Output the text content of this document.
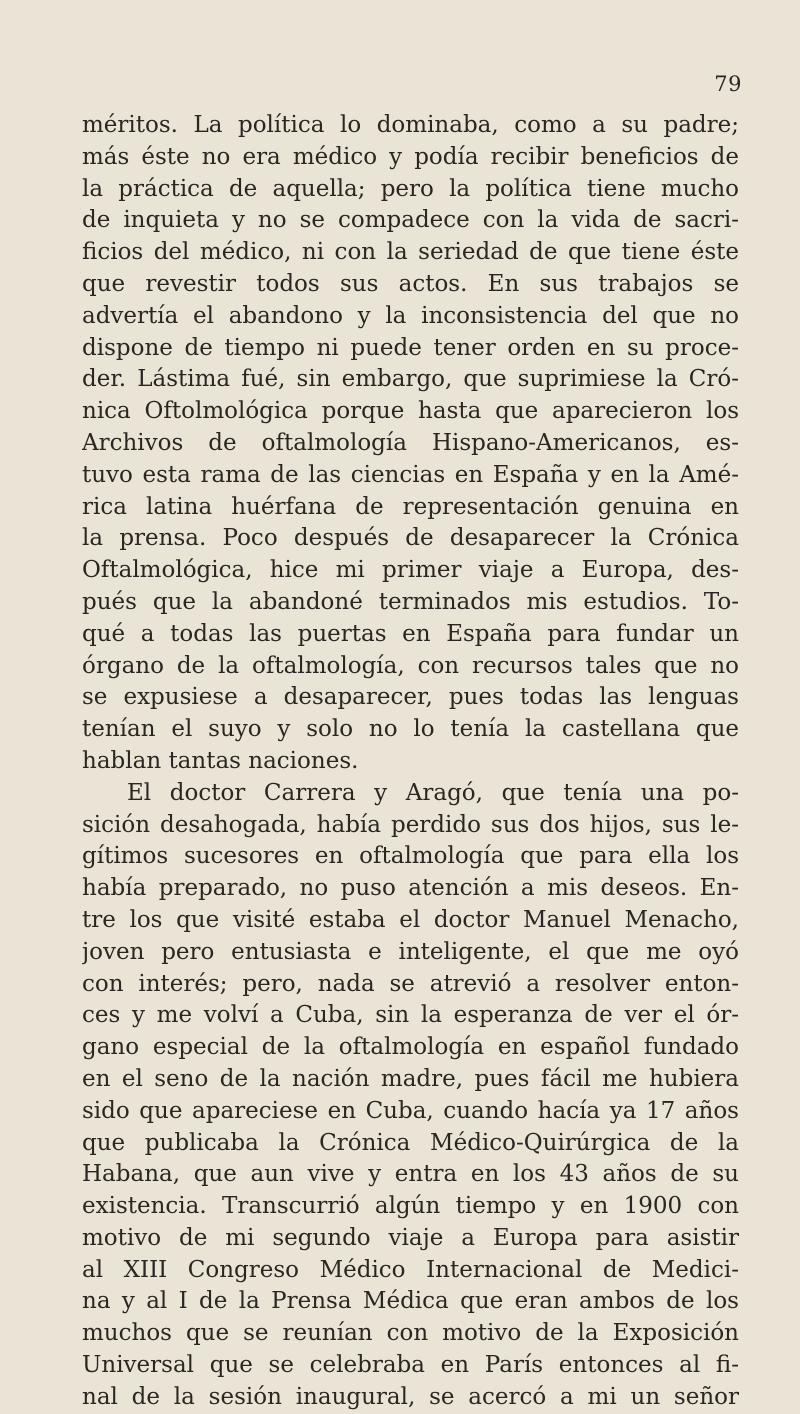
79
méritos. La política lo dominaba, como a su padre;
más éste no era médico y podía recibir beneficios de
la práctica de aquella; pero la política tiene mucho
de inquieta y no se compadece con la vida de sacri-
ficios del médico, ni con la seriedad de que tiene éste
que revestir todos sus actos. En sus trabajos se
advertía el abandono y la inconsistencia del que no
dispone de tiempo ni puede tener orden en su proce-
der. Lástima fué, sin embargo, que suprimiese la Cró-
nica Oftolmológica porque hasta que aparecieron los
Archivos de oftalmología Hispano-Americanos, es-
tuvo esta rama de las ciencias en España y en la Amé-
rica latina huérfana de representación genuina en
la prensa. Poco después de desaparecer la Crónica
Oftalmológica, hice mi primer viaje a Europa, des-
pués que la abandoné terminados mis estudios. To-
qué a todas las puertas en España para fundar un
órgano de la oftalmología, con recursos tales que no
se expusiese a desaparecer, pues todas las lenguas
tenían el suyo y solo no lo tenía la castellana que
hablan tantas naciones.
El doctor Carrera y Aragó, que tenía una po-
sición desahogada, había perdido sus dos hijos, sus le-
gítimos sucesores en oftalmología que para ella los
había preparado, no puso atención a mis deseos. En-
tre los que visité estaba el doctor Manuel Menacho,
joven pero entusiasta e inteligente, el que me oyó
con interés; pero, nada se atrevió a resolver enton-
ces y me volví a Cuba, sin la esperanza de ver el ór-
gano especial de la oftalmología en español fundado
en el seno de la nación madre, pues fácil me hubiera
sido que apareciese en Cuba, cuando hacía ya 17 años
que publicaba la Crónica Médico-Quirúrgica de la
Habana, que aun vive y entra en los 43 años de su
existencia. Transcurrió algún tiempo y en 1900 con
motivo de mi segundo viaje a Europa para asistir
al XIII Congreso Médico Internacional de Medici-
na y al I de la Prensa Médica que eran ambos de los
muchos que se reunían con motivo de la Exposición
Universal que se celebraba en París entonces al fi-
nal de la sesión inaugural, se acercó a mi un señor
